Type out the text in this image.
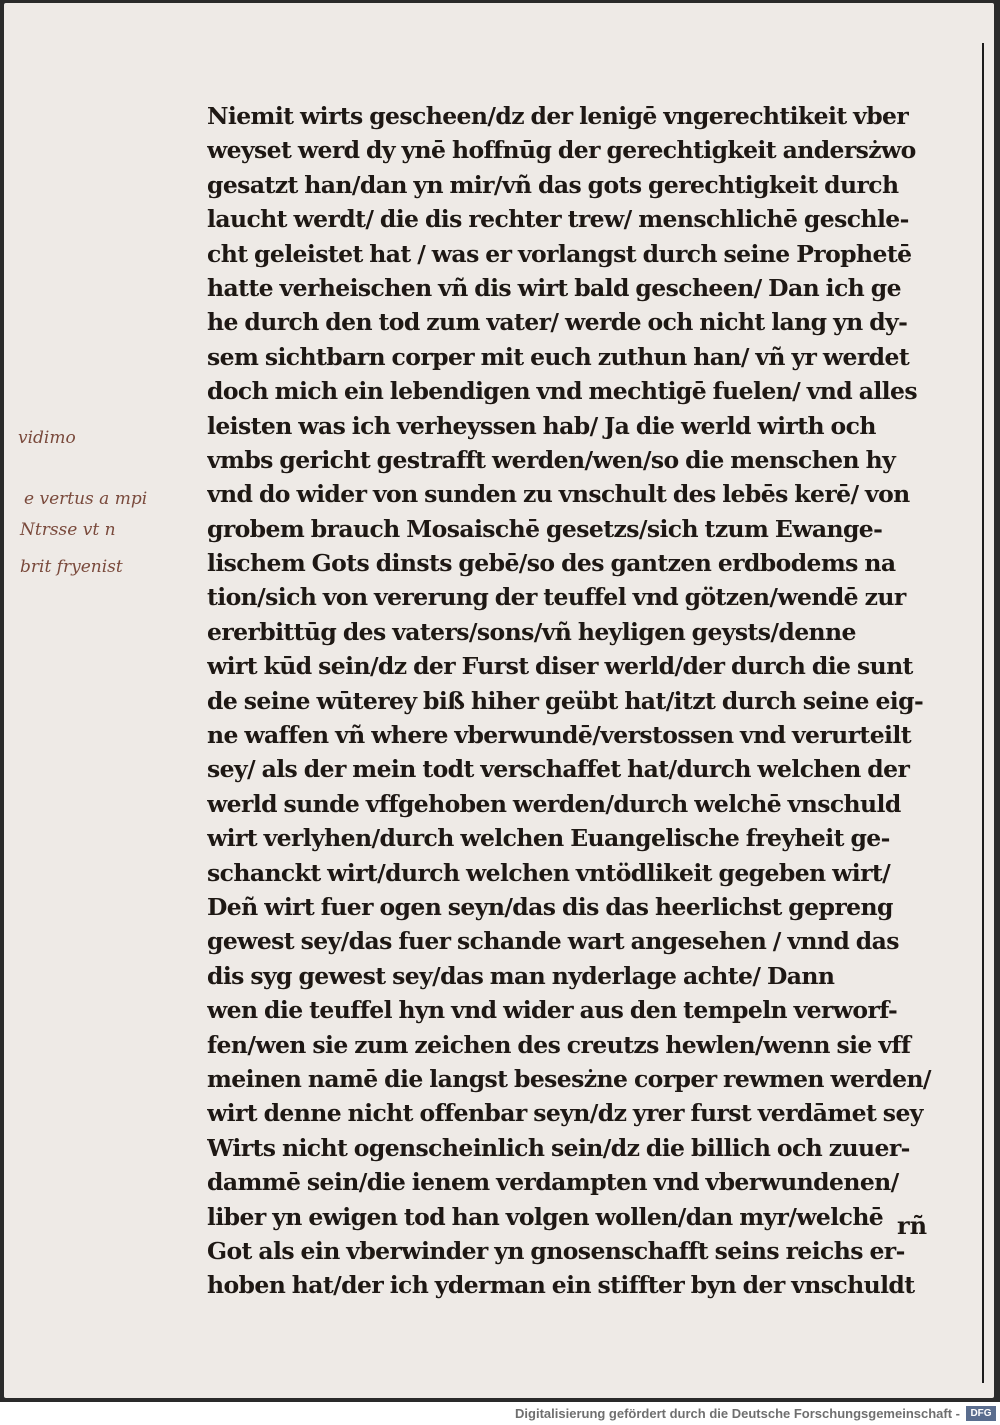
vidimo
e vertus a mpi
Ntrsse vt n
brit fryenist
Niemit wirts gescheen/dz der lenigē vngerechtikeit vber
weyset werd dy ynē hoffnūg der gerechtigkeit andersżwo
gesatzt han/dan yn mir/vñ das gots gerechtigkeit durch
laucht werdt/ die dis rechter trew/ menschlichē geschle-
cht geleistet hat / was er vorlangst durch seine Prophetē
hatte verheischen vñ dis wirt bald gescheen/ Dan ich ge
he durch den tod zum vater/ werde och nicht lang yn dy-
sem sichtbarn corper mit euch zuthun han/ vñ yr werdet
doch mich ein lebendigen vnd mechtigē fuelen/ vnd alles
leisten was ich verheyssen hab/ Ja die werld wirth och
vmbs gericht gestrafft werden/wen/so die menschen hy
vnd do wider von sunden zu vnschult des lebēs kerē/ von
grobem brauch Mosaischē gesetzs/sich tzum Ewange-
lischem Gots dinsts gebē/so des gantzen erdbodems na
tion/sich von vererung der teuffel vnd götzen/wendē zur
ererbittūg des vaters/sons/vñ heyligen geysts/denne
wirt kūd sein/dz der Furst diser werld/der durch die sunt
de seine wūterey biß hiher geübt hat/itzt durch seine eig-
ne waffen vñ where vberwundē/verstossen vnd verurteilt
sey/ als der mein todt verschaffet hat/durch welchen der
werld sunde vffgehoben werden/durch welchē vnschuld
wirt verlyhen/durch welchen Euangelische freyheit ge-
schanckt wirt/durch welchen vntödlikeit gegeben wirt/
Deñ wirt fuer ogen seyn/das dis das heerlichst gepreng
gewest sey/das fuer schande wart angesehen / vnnd das
dis syg gewest sey/das man nyderlage achte/ Dann
wen die teuffel hyn vnd wider aus den tempeln verworf-
fen/wen sie zum zeichen des creutzs hewlen/wenn sie vff
meinen namē die langst besesżne corper rewmen werden/
wirt denne nicht offenbar seyn/dz yrer furst verdāmet sey
Wirts nicht ogenscheinlich sein/dz die billich och zuuer-
dammē sein/die ienem verdampten vnd vberwundenen/
liber yn ewigen tod han volgen wollen/dan myr/welchē
Got als ein vberwinder yn gnosenschafft seins reichs er-
hoben hat/der ich yderman ein stiffter byn der vnschuldt
rñ
Digitalisierung gefördert durch die Deutsche Forschungsgemeinschaft -	DFG
